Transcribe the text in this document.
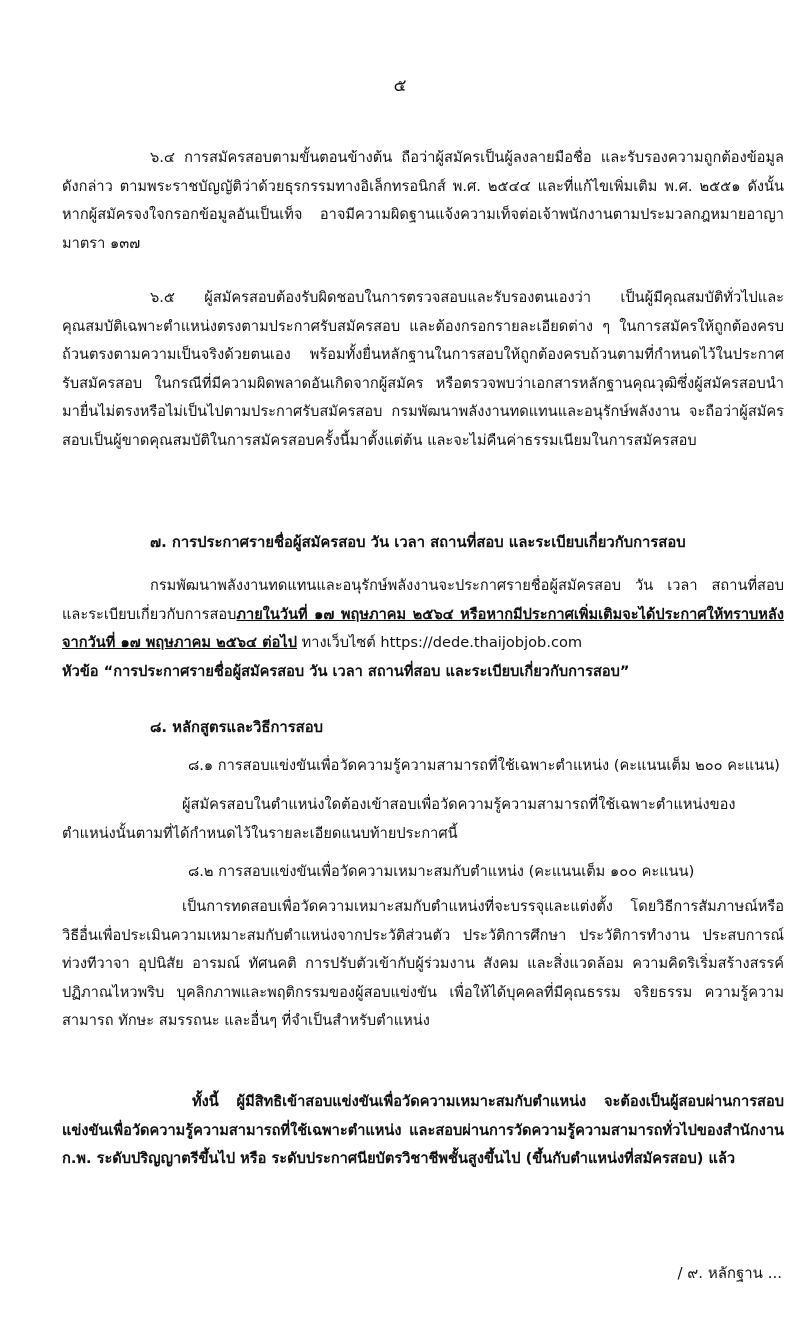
๕
๖.๔ การสมัครสอบตามขั้นตอนข้างต้น ถือว่าผู้สมัครเป็นผู้ลงลายมือชื่อ และรับรองความถูกต้องข้อมูลดังกล่าว ตามพระราชบัญญัติว่าด้วยธุรกรรมทางอิเล็กทรอนิกส์ พ.ศ. ๒๕๔๔ และที่แก้ไขเพิ่มเติม พ.ศ. ๒๕๕๑ ดังนั้น หากผู้สมัครจงใจกรอกข้อมูลอันเป็นเท็จ อาจมีความผิดฐานแจ้งความเท็จต่อเจ้าพนักงานตามประมวลกฎหมายอาญา มาตรา ๑๓๗
๖.๕ ผู้สมัครสอบต้องรับผิดชอบในการตรวจสอบและรับรองตนเองว่า เป็นผู้มีคุณสมบัติทั่วไปและคุณสมบัติเฉพาะตำแหน่งตรงตามประกาศรับสมัครสอบ และต้องกรอกรายละเอียดต่าง ๆ ในการสมัครให้ถูกต้องครบถ้วนตรงตามความเป็นจริงด้วยตนเอง พร้อมทั้งยื่นหลักฐานในการสอบให้ถูกต้องครบถ้วนตามที่กำหนดไว้ในประกาศรับสมัครสอบ ในกรณีที่มีความผิดพลาดอันเกิดจากผู้สมัคร หรือตรวจพบว่าเอกสารหลักฐานคุณวุฒิซึ่งผู้สมัครสอบนำมายื่นไม่ตรงหรือไม่เป็นไปตามประกาศรับสมัครสอบ กรมพัฒนาพลังงานทดแทนและอนุรักษ์พลังงาน จะถือว่าผู้สมัครสอบเป็นผู้ขาดคุณสมบัติในการสมัครสอบครั้งนี้มาตั้งแต่ต้น และจะไม่คืนค่าธรรมเนียมในการสมัครสอบ
๗. การประกาศรายชื่อผู้สมัครสอบ วัน เวลา สถานที่สอบ และระเบียบเกี่ยวกับการสอบ
กรมพัฒนาพลังงานทดแทนและอนุรักษ์พลังงานจะประกาศรายชื่อผู้สมัครสอบ วัน เวลา สถานที่สอบ และระเบียบเกี่ยวกับการสอบภายในวันที่ ๑๗ พฤษภาคม ๒๕๖๔ หรือหากมีประกาศเพิ่มเติมจะได้ประกาศให้ทราบหลังจากวันที่ ๑๗ พฤษภาคม ๒๕๖๔ ต่อไป ทางเว็บไซต์ https://dede.thaijobjob.com
หัวข้อ “การประกาศรายชื่อผู้สมัครสอบ วัน เวลา สถานที่สอบ และระเบียบเกี่ยวกับการสอบ”
๘. หลักสูตรและวิธีการสอบ
๘.๑ การสอบแข่งขันเพื่อวัดความรู้ความสามารถที่ใช้เฉพาะตำแหน่ง (คะแนนเต็ม ๒๐๐ คะแนน)
ผู้สมัครสอบในตำแหน่งใดต้องเข้าสอบเพื่อวัดความรู้ความสามารถที่ใช้เฉพาะตำแหน่งของตำแหน่งนั้นตามที่ได้กำหนดไว้ในรายละเอียดแนบท้ายประกาศนี้
๘.๒ การสอบแข่งขันเพื่อวัดความเหมาะสมกับตำแหน่ง (คะแนนเต็ม ๑๐๐ คะแนน)
เป็นการทดสอบเพื่อวัดความเหมาะสมกับตำแหน่งที่จะบรรจุและแต่งตั้ง โดยวิธีการสัมภาษณ์หรือวิธีอื่นเพื่อประเมินความเหมาะสมกับตำแหน่งจากประวัติส่วนตัว ประวัติการศึกษา ประวัติการทำงาน ประสบการณ์ ท่วงทีวาจา อุปนิสัย อารมณ์ ทัศนคติ การปรับตัวเข้ากับผู้ร่วมงาน สังคม และสิ่งแวดล้อม ความคิดริเริ่มสร้างสรรค์ ปฏิภาณไหวพริบ บุคลิกภาพและพฤติกรรมของผู้สอบแข่งขัน เพื่อให้ได้บุคคลที่มีคุณธรรม จริยธรรม ความรู้ความสามารถ ทักษะ สมรรถนะ และอื่นๆ ที่จำเป็นสำหรับตำแหน่ง
ทั้งนี้ ผู้มีสิทธิเข้าสอบแข่งขันเพื่อวัดความเหมาะสมกับตำแหน่ง จะต้องเป็นผู้สอบผ่านการสอบแข่งขันเพื่อวัดความรู้ความสามารถที่ใช้เฉพาะตำแหน่ง และสอบผ่านการวัดความรู้ความสามารถทั่วไปของสำนักงาน ก.พ. ระดับปริญญาตรีขึ้นไป หรือ ระดับประกาศนียบัตรวิชาชีพชั้นสูงขึ้นไป (ขึ้นกับตำแหน่งที่สมัครสอบ) แล้ว
/ ๙. หลักฐาน ...
